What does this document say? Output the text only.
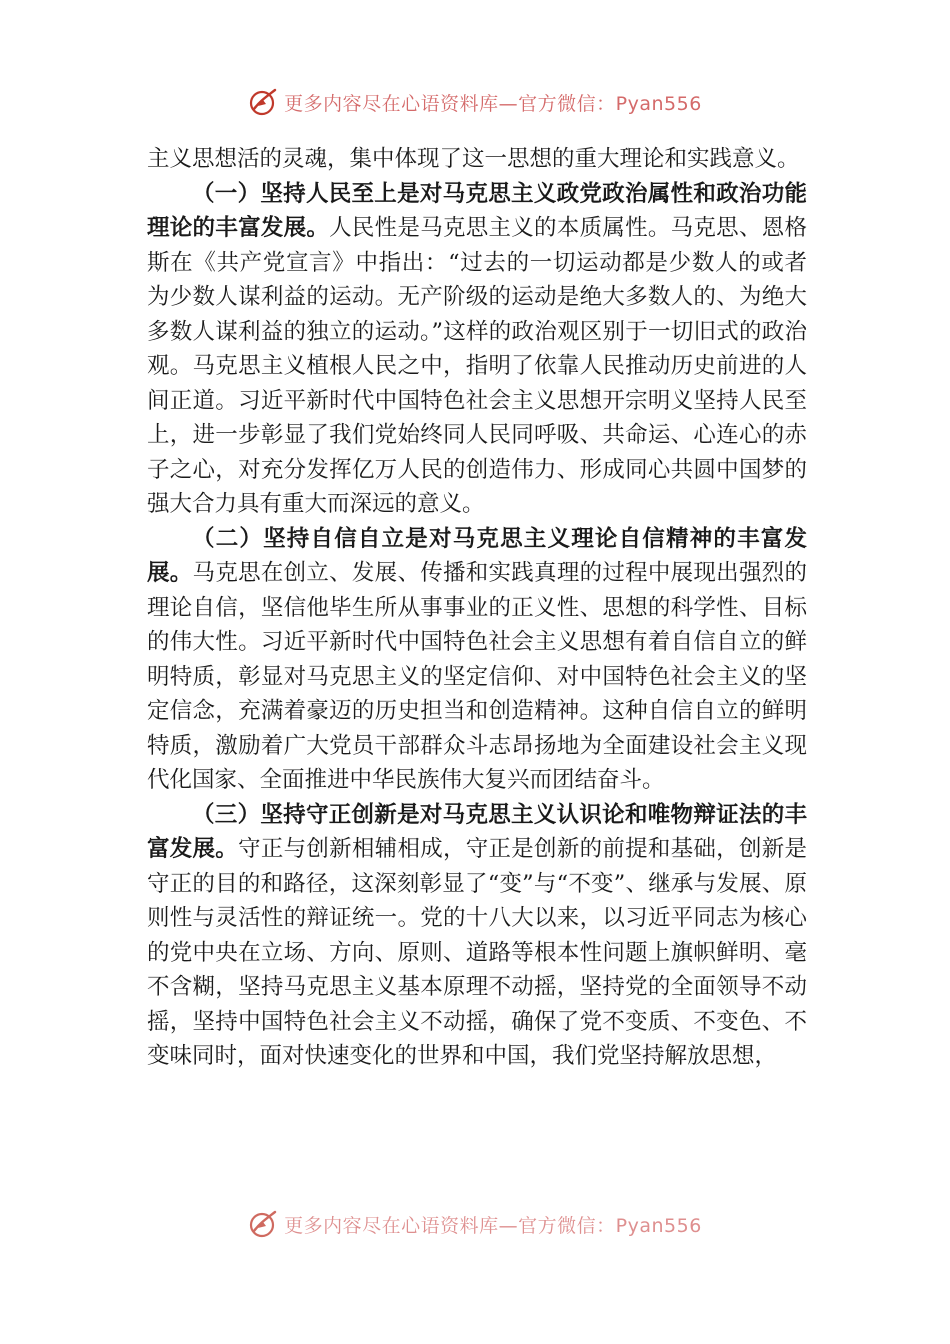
更多内容尽在心语资料库—官方微信：Pyan556

主义思想活的灵魂，集中体现了这一思想的重大理论和实践意义。

（一）坚持人民至上是对马克思主义政党政治属性和政治功能理论的丰富发展。人民性是马克思主义的本质属性。马克思、恩格斯在《共产党宣言》中指出：“过去的一切运动都是少数人的或者为少数人谋利益的运动。无产阶级的运动是绝大多数人的、为绝大多数人谋利益的独立的运动。”这样的政治观区别于一切旧式的政治观。马克思主义植根人民之中，指明了依靠人民推动历史前进的人间正道。习近平新时代中国特色社会主义思想开宗明义坚持人民至上，进一步彰显了我们党始终同人民同呼吸、共命运、心连心的赤子之心，对充分发挥亿万人民的创造伟力、形成同心共圆中国梦的强大合力具有重大而深远的意义。

（二）坚持自信自立是对马克思主义理论自信精神的丰富发展。马克思在创立、发展、传播和实践真理的过程中展现出强烈的理论自信，坚信他毕生所从事事业的正义性、思想的科学性、目标的伟大性。习近平新时代中国特色社会主义思想有着自信自立的鲜明特质，彰显对马克思主义的坚定信仰、对中国特色社会主义的坚定信念，充满着豪迈的历史担当和创造精神。这种自信自立的鲜明特质，激励着广大党员干部群众斗志昂扬地为全面建设社会主义现代化国家、全面推进中华民族伟大复兴而团结奋斗。

（三）坚持守正创新是对马克思主义认识论和唯物辩证法的丰富发展。守正与创新相辅相成，守正是创新的前提和基础，创新是守正的目的和路径，这深刻彰显了“变”与“不变”、继承与发展、原则性与灵活性的辩证统一。党的十八大以来，以习近平同志为核心的党中央在立场、方向、原则、道路等根本性问题上旗帜鲜明、毫不含糊，坚持马克思主义基本原理不动摇，坚持党的全面领导不动摇，坚持中国特色社会主义不动摇，确保了党不变质、不变色、不变味同时，面对快速变化的世界和中国，我们党坚持解放思想，

更多内容尽在心语资料库—官方微信：Pyan556
